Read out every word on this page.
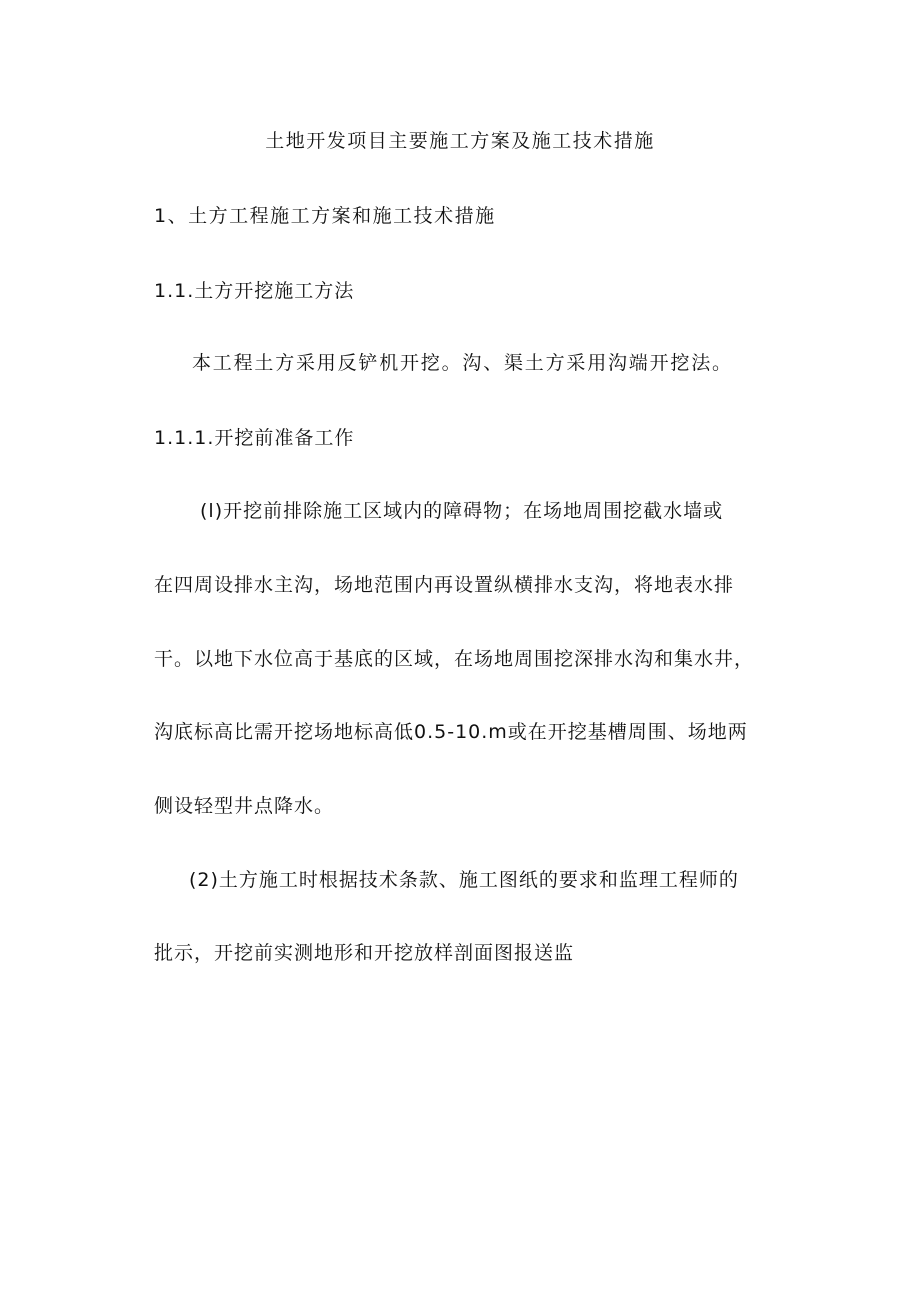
土地开发项目主要施工方案及施工技术措施
1、土方工程施工方案和施工技术措施
1.1.土方开挖施工方法
本工程土方采用反铲机开挖。沟、渠土方采用沟端开挖法。
1.1.1.开挖前准备工作
(l)开挖前排除施工区域内的障碍物；在场地周围挖截水墙或
在四周设排水主沟，场地范围内再设置纵横排水支沟，将地表水排
干。以地下水位高于基底的区域，在场地周围挖深排水沟和集水井，
沟底标高比需开挖场地标高低0.5-10.m或在开挖基槽周围、场地两
侧设轻型井点降水。
(2)土方施工时根据技术条款、施工图纸的要求和监理工程师的
批示，开挖前实测地形和开挖放样剖面图报送监
